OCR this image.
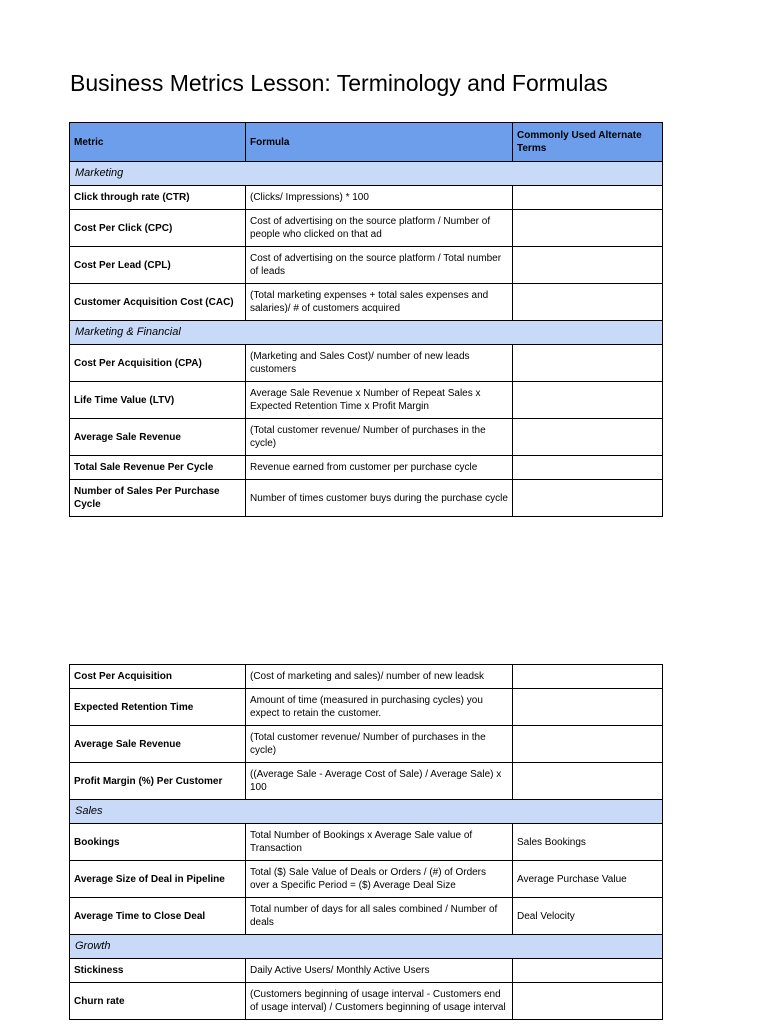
Business Metrics Lesson: Terminology and Formulas
Metric	Formula	Commonly Used Alternate Terms
Marketing		
Click through rate (CTR)	(Clicks/ Impressions) * 100	
Cost Per Click (CPC)	Cost of advertising on the source platform / Number of people who clicked on that ad	
Cost Per Lead (CPL)	Cost of advertising on the source platform / Total number of leads	
Customer Acquisition Cost (CAC)	(Total marketing expenses + total sales expenses and salaries)/ # of customers acquired	
Marketing & Financial		
Cost Per Acquisition (CPA)	(Marketing and Sales Cost)/ number of new leads customers	
Life Time Value (LTV)	Average Sale Revenue x Number of Repeat Sales x Expected Retention Time x Profit Margin	
Average Sale Revenue	(Total customer revenue/ Number of purchases in the cycle)	
Total Sale Revenue Per Cycle	Revenue earned from customer per purchase cycle	
Number of Sales Per Purchase Cycle	Number of times customer buys during the purchase cycle	
Cost Per Acquisition	(Cost of marketing and sales)/ number of new leadsk	
Expected Retention Time	Amount of time (measured in purchasing cycles) you expect to retain the customer.	
Average Sale Revenue	(Total customer revenue/ Number of purchases in the cycle)	
Profit Margin (%) Per Customer	((Average Sale - Average Cost of Sale) / Average Sale) x 100	
Sales		
Bookings	Total Number of Bookings x Average Sale value of Transaction	Sales Bookings
Average Size of Deal in Pipeline	Total ($) Sale Value of Deals or Orders / (#) of Orders over a Specific Period = ($) Average Deal Size	Average Purchase Value
Average Time to Close Deal	Total number of days for all sales combined / Number of deals	Deal Velocity
Growth		
Stickiness	Daily Active Users/ Monthly Active Users	
Churn rate	(Customers beginning of usage interval - Customers end of usage interval) / Customers beginning of usage interval	
